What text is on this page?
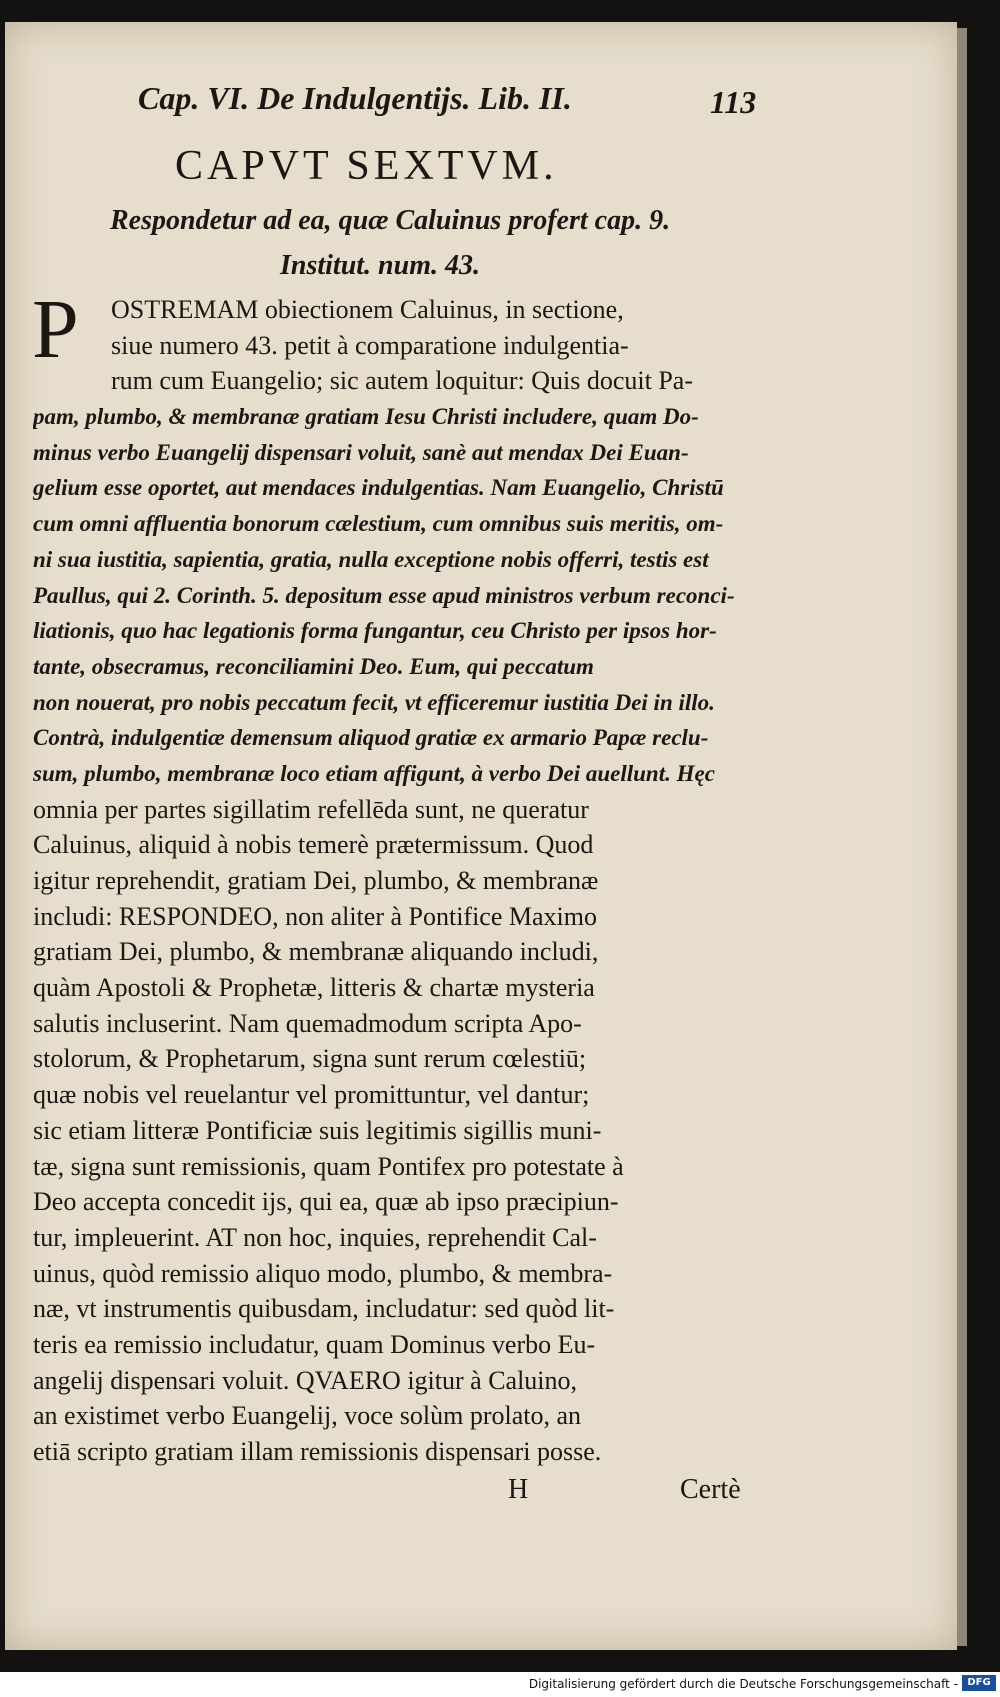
Cap. VI. De Indulgentijs. Lib. II.	113
CAPVT SEXTVM.
Respondetur ad ea, quæ Caluinus profert cap. 9.
Institut. num. 43.
P	OSTREMAM obiectionem Caluinus, in sectione,
siue numero 43. petit à comparatione indulgentia-
rum cum Euangelio; sic autem loquitur: Quis docuit Pa-
pam, plumbo, & membranæ gratiam Iesu Christi includere, quam Do-
minus verbo Euangelij dispensari voluit, sanè aut mendax Dei Euan-
gelium esse oportet, aut mendaces indulgentias. Nam Euangelio, Christū
cum omni affluentia bonorum cælestium, cum omnibus suis meritis, om-
ni sua iustitia, sapientia, gratia, nulla exceptione nobis offerri, testis est
Paullus, qui 2. Corinth. 5. depositum esse apud ministros verbum reconci-
liationis, quo hac legationis forma fungantur, ceu Christo per ipsos hor-
tante, obsecramus, reconciliamini Deo. Eum, qui peccatum
non nouerat, pro nobis peccatum fecit, vt efficeremur iustitia Dei in illo.
Contrà, indulgentiæ demensum aliquod gratiæ ex armario Papæ reclu-
sum, plumbo, membranæ loco etiam affigunt, à verbo Dei auellunt. Hęc
omnia per partes sigillatim refellēda sunt, ne queratur
Caluinus, aliquid à nobis temerè prætermissum. Quod
igitur reprehendit, gratiam Dei, plumbo, & membranæ
includi: RESPONDEO, non aliter à Pontifice Maximo
gratiam Dei, plumbo, & membranæ aliquando includi,
quàm Apostoli & Prophetæ, litteris & chartæ mysteria
salutis incluserint. Nam quemadmodum scripta Apo-
stolorum, & Prophetarum, signa sunt rerum cœlestiū;
quæ nobis vel reuelantur vel promittuntur, vel dantur;
sic etiam litteræ Pontificiæ suis legitimis sigillis muni-
tæ, signa sunt remissionis, quam Pontifex pro potestate à
Deo accepta concedit ijs, qui ea, quæ ab ipso præcipiun-
tur, impleuerint. AT non hoc, inquies, reprehendit Cal-
uinus, quòd remissio aliquo modo, plumbo, & membra-
næ, vt instrumentis quibusdam, includatur: sed quòd lit-
teris ea remissio includatur, quam Dominus verbo Eu-
angelij dispensari voluit. QVAERO igitur à Caluino,
an existimet verbo Euangelij, voce solùm prolato, an
etiā scripto gratiam illam remissionis dispensari posse.
H	Certè
Digitalisierung gefördert durch die Deutsche Forschungsgemeinschaft - DFG
